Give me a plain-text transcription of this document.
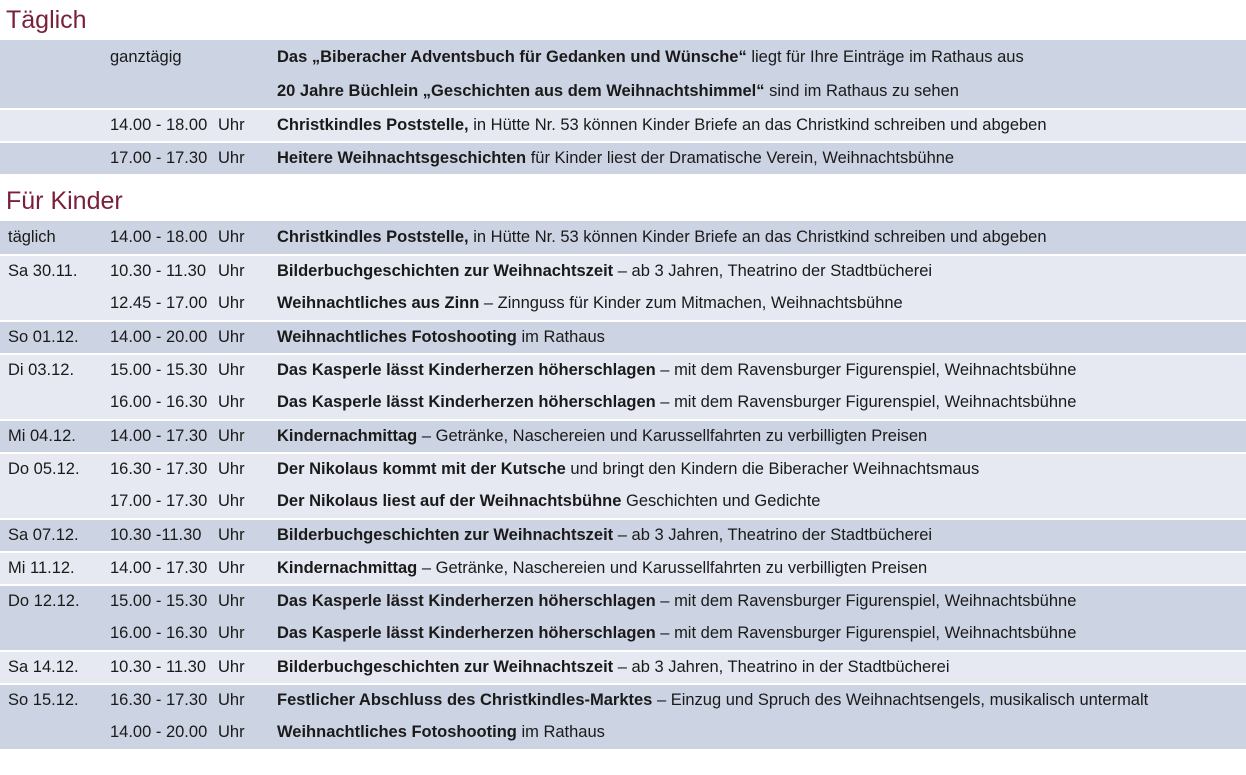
Täglich
ganztägig	Das „Biberacher Adventsbuch für Gedanken und Wünsche“ liegt für Ihre Einträge im Rathaus aus
20 Jahre Büchlein „Geschichten aus dem Weihnachtshimmel“ sind im Rathaus zu sehen
14.00 - 18.00 Uhr	Christkindles Poststelle, in Hütte Nr. 53 können Kinder Briefe an das Christkind schreiben und abgeben
17.00 - 17.30 Uhr	Heitere Weihnachtsgeschichten für Kinder liest der Dramatische Verein, Weihnachtsbühne
Für Kinder
täglich	14.00 - 18.00 Uhr	Christkindles Poststelle, in Hütte Nr. 53 können Kinder Briefe an das Christkind schreiben und abgeben
Sa 30.11.	10.30 - 11.30 Uhr	Bilderbuchgeschichten zur Weihnachtszeit – ab 3 Jahren, Theatrino der Stadtbücherei
12.45 - 17.00 Uhr	Weihnachtliches aus Zinn – Zinnguss für Kinder zum Mitmachen, Weihnachtsbühne
So 01.12.	14.00 - 20.00 Uhr	Weihnachtliches Fotoshooting im Rathaus
Di 03.12.	15.00 - 15.30 Uhr	Das Kasperle lässt Kinderherzen höherschlagen – mit dem Ravensburger Figurenspiel, Weihnachtsbühne
16.00 - 16.30 Uhr	Das Kasperle lässt Kinderherzen höherschlagen – mit dem Ravensburger Figurenspiel, Weihnachtsbühne
Mi 04.12.	14.00 - 17.30 Uhr	Kindernachmittag – Getränke, Naschereien und Karussellfahrten zu verbilligten Preisen
Do 05.12.	16.30 - 17.30 Uhr	Der Nikolaus kommt mit der Kutsche und bringt den Kindern die Biberacher Weihnachtsmaus
17.00 - 17.30 Uhr	Der Nikolaus liest auf der Weihnachtsbühne Geschichten und Gedichte
Sa 07.12.	10.30 -11.30	Uhr	Bilderbuchgeschichten zur Weihnachtszeit – ab 3 Jahren, Theatrino der Stadtbücherei
Mi 11.12.	14.00 - 17.30 Uhr	Kindernachmittag – Getränke, Naschereien und Karussellfahrten zu verbilligten Preisen
Do 12.12.	15.00 - 15.30 Uhr	Das Kasperle lässt Kinderherzen höherschlagen – mit dem Ravensburger Figurenspiel, Weihnachtsbühne
16.00 - 16.30 Uhr	Das Kasperle lässt Kinderherzen höherschlagen – mit dem Ravensburger Figurenspiel, Weihnachtsbühne
Sa 14.12.	10.30 - 11.30 Uhr	Bilderbuchgeschichten zur Weihnachtszeit – ab 3 Jahren, Theatrino in der Stadtbücherei
So 15.12.	16.30 - 17.30 Uhr	Festlicher Abschluss des Christkindles-Marktes – Einzug und Spruch des Weihnachtsengels, musikalisch untermalt
14.00 - 20.00 Uhr	Weihnachtliches Fotoshooting im Rathaus
